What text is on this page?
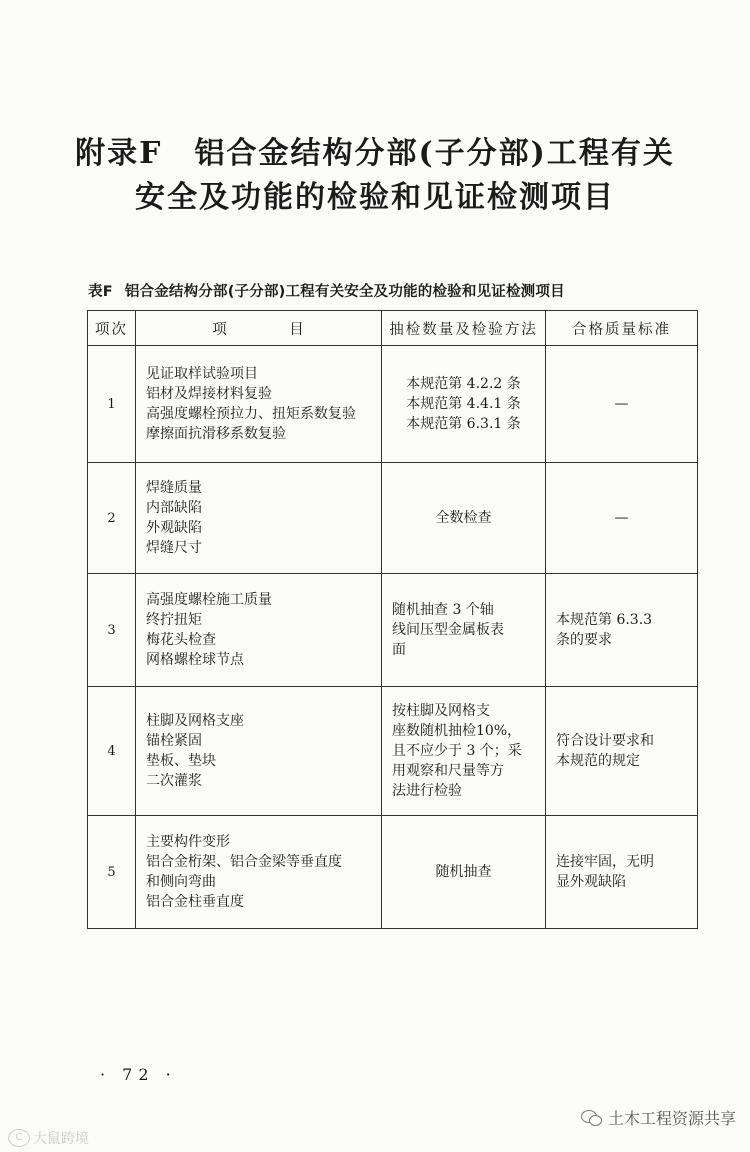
附录F　铝合金结构分部(子分部)工程有关
安全及功能的检验和见证检测项目
表F 铝合金结构分部(子分部)工程有关安全及功能的检验和见证检测项目
项次	项　目	抽检数量及检验方法	合格质量标准
1	见证取样试验项目
铝材及焊接材料复验
高强度螺栓预拉力、扭矩系数复验
摩擦面抗滑移系数复验	本规范第 4.2.2 条
本规范第 4.4.1 条
本规范第 6.3.1 条	—

2	焊缝质量
内部缺陷
外观缺陷
焊缝尺寸	全数检查	—

3	高强度螺栓施工质量
终拧扭矩
梅花头检查
网格螺栓球节点	随机抽查 3 个轴
线间压型金属板表
面	本规范第 6.3.3
条的要求

4	柱脚及网格支座
锚栓紧固
垫板、垫块
二次灌浆	按柱脚及网格支
座数随机抽检10%，
且不应少于 3 个；采
用观察和尺量等方
法进行检验	符合设计要求和
本规范的规定

5	主要构件变形
铝合金桁架、铝合金梁等垂直度
和侧向弯曲
铝合金柱垂直度	随机抽查	连接牢固，无明
显外观缺陷
· 72 ·
土木工程资源共享
C 大鼠跨境
